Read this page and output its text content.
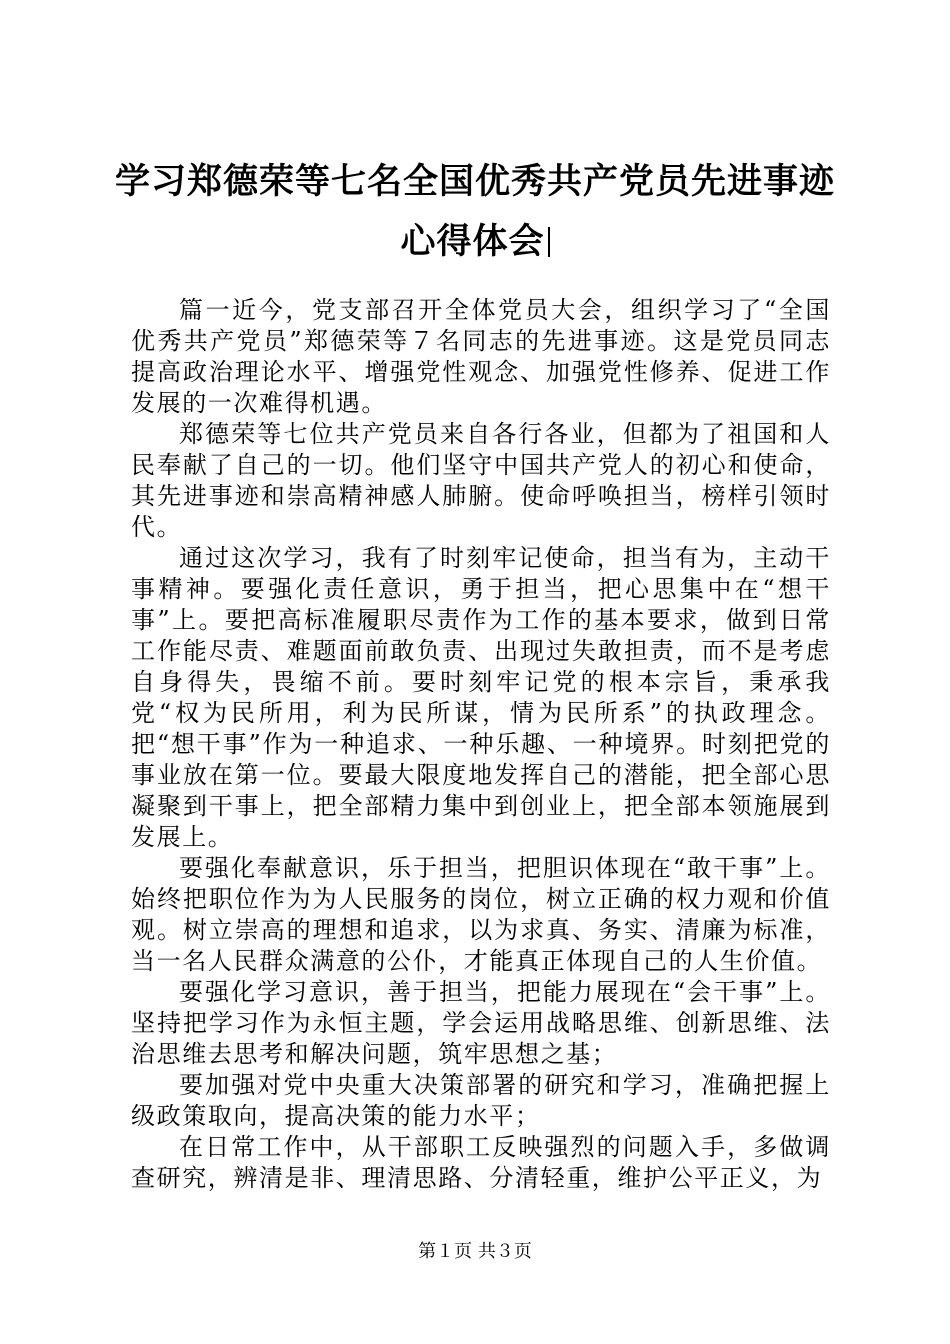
学习郑德荣等七名全国优秀共产党员先进事迹
心得体会

篇一近今，党支部召开全体党员大会，组织学习了“全国优秀共产党员”郑德荣等７名同志的先进事迹。这是党员同志提高政治理论水平、增强党性观念、加强党性修养、促进工作发展的一次难得机遇。

郑德荣等七位共产党员来自各行各业，但都为了祖国和人民奉献了自己的一切。他们坚守中国共产党人的初心和使命，其先进事迹和崇高精神感人肺腑。使命呼唤担当，榜样引领时代。

通过这次学习，我有了时刻牢记使命，担当有为，主动干事精神。要强化责任意识，勇于担当，把心思集中在“想干事”上。要把高标准履职尽责作为工作的基本要求，做到日常工作能尽责、难题面前敢负责、出现过失敢担责，而不是考虑自身得失，畏缩不前。要时刻牢记党的根本宗旨，秉承我党“权为民所用，利为民所谋，情为民所系”的执政理念。把“想干事”作为一种追求、一种乐趣、一种境界。时刻把党的事业放在第一位。要最大限度地发挥自己的潜能，把全部心思凝聚到干事上，把全部精力集中到创业上，把全部本领施展到发展上。

要强化奉献意识，乐于担当，把胆识体现在“敢干事”上。始终把职位作为为人民服务的岗位，树立正确的权力观和价值观。树立崇高的理想和追求，以为求真、务实、清廉为标准，当一名人民群众满意的公仆，才能真正体现自己的人生价值。

要强化学习意识，善于担当，把能力展现在“会干事”上。坚持把学习作为永恒主题，学会运用战略思维、创新思维、法治思维去思考和解决问题，筑牢思想之基；

要加强对党中央重大决策部署的研究和学习，准确把握上级政策取向，提高决策的能力水平；

在日常工作中，从干部职工反映强烈的问题入手，多做调查研究，辨清是非、理清思路、分清轻重，维护公平正义，为

第１页 共３页
